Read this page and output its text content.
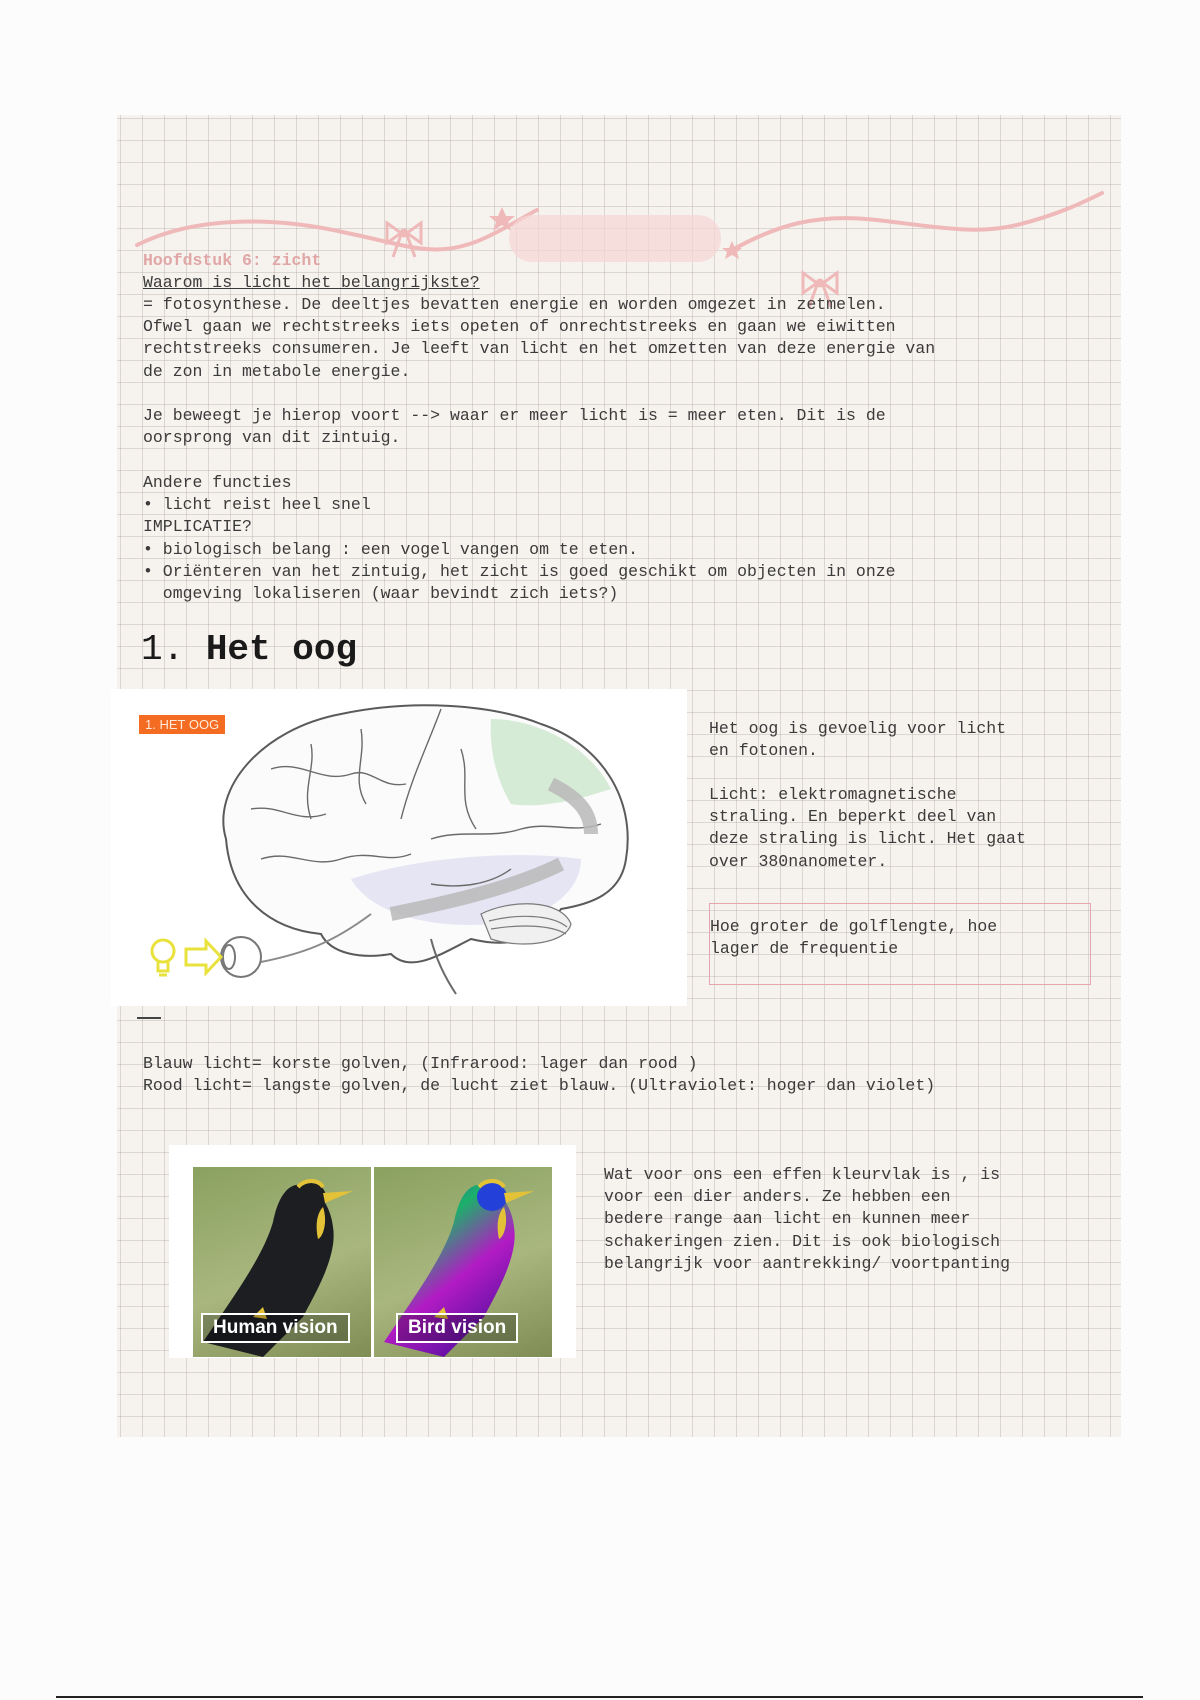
Hoofdstuk 6: zicht
Waarom is licht het belangrijkste?
= fotosynthese. De deeltjes bevatten energie en worden omgezet in zetmelen.
Ofwel gaan we rechtstreeks iets opeten of onrechtstreeks en gaan we eiwitten
rechtstreeks consumeren. Je leeft van licht en het omzetten van deze energie van
de zon in metabole energie.
Je beweegt je hierop voort --> waar er meer licht is = meer eten. Dit is de
oorsprong van dit zintuig.
Andere functies
• licht reist heel snel
IMPLICATIE?
• biologisch belang : een vogel vangen om te eten.
• Oriënteren van het zintuig, het zicht is goed geschikt om objecten in onze
omgeving lokaliseren (waar bevindt zich iets?)
1. Het oog
1. HET OOG	Het oog is gevoelig voor licht
en fotonen.
Licht: elektromagnetische
straling. En beperkt deel van
deze straling is licht. Het gaat
over 380nanometer.
Hoe groter de golflengte, hoe
lager de frequentie
Blauw licht= korste golven, (Infrarood: lager dan rood )
Rood licht= langste golven, de lucht ziet blauw. (Ultraviolet: hoger dan violet)
Human vision	Bird vision
Wat voor ons een effen kleurvlak is , is
voor een dier anders. Ze hebben een
bedere range aan licht en kunnen meer
schakeringen zien. Dit is ook biologisch
belangrijk voor aantrekking/ voortpanting
